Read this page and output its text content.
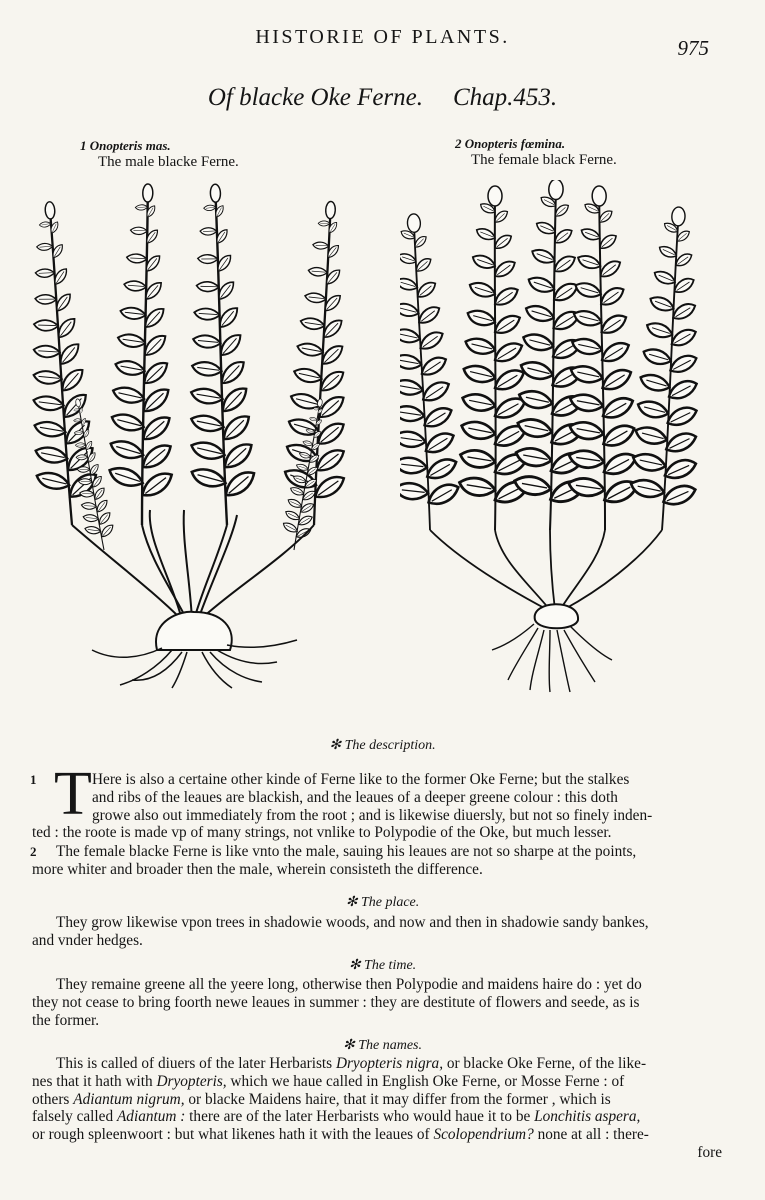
HISTORIE OF PLANTS.	975
Of blacke Oke Ferne. Chap.453.
1 Onopteris mas.
The male blacke Ferne.
2 Onopteris fœmina.
The female black Ferne.
✻ The description.
1 T Here is also a certaine other kinde of Ferne like to the former Oke Ferne; but the stalkes
and ribs of the leaues are blackish, and the leaues of a deeper greene colour : this doth
growe also out immediately from the root ; and is likewise diuersly, but not so finely inden-
ted : the roote is made vp of many strings, not vnlike to Polypodie of the Oke, but much lesser.
2	The female blacke Ferne is like vnto the male, sauing his leaues are not so sharpe at the points,
more whiter and broader then the male, wherein consisteth the difference.
✻ The place.
They grow likewise vpon trees in shadowie woods, and now and then in shadowie sandy bankes,
and vnder hedges.
✻ The time.
They remaine greene all the yeere long, otherwise then Polypodie and maidens haire do : yet do
they not cease to bring foorth newe leaues in summer : they are destitute of flowers and seede, as is
the former.
✻ The names.
This is called of diuers of the later Herbarists Dryopteris nigra, or blacke Oke Ferne, of the like-
nes that it hath with Dryopteris, which we haue called in English Oke Ferne, or Mosse Ferne : of
others Adiantum nigrum, or blacke Maidens haire, that it may differ from the former , which is
falsely called Adiantum : there are of the later Herbarists who would haue it to be Lonchitis aspera,
or rough spleenwoort : but what likenes hath it with the leaues of Scolopendrium? none at all : there-
fore
